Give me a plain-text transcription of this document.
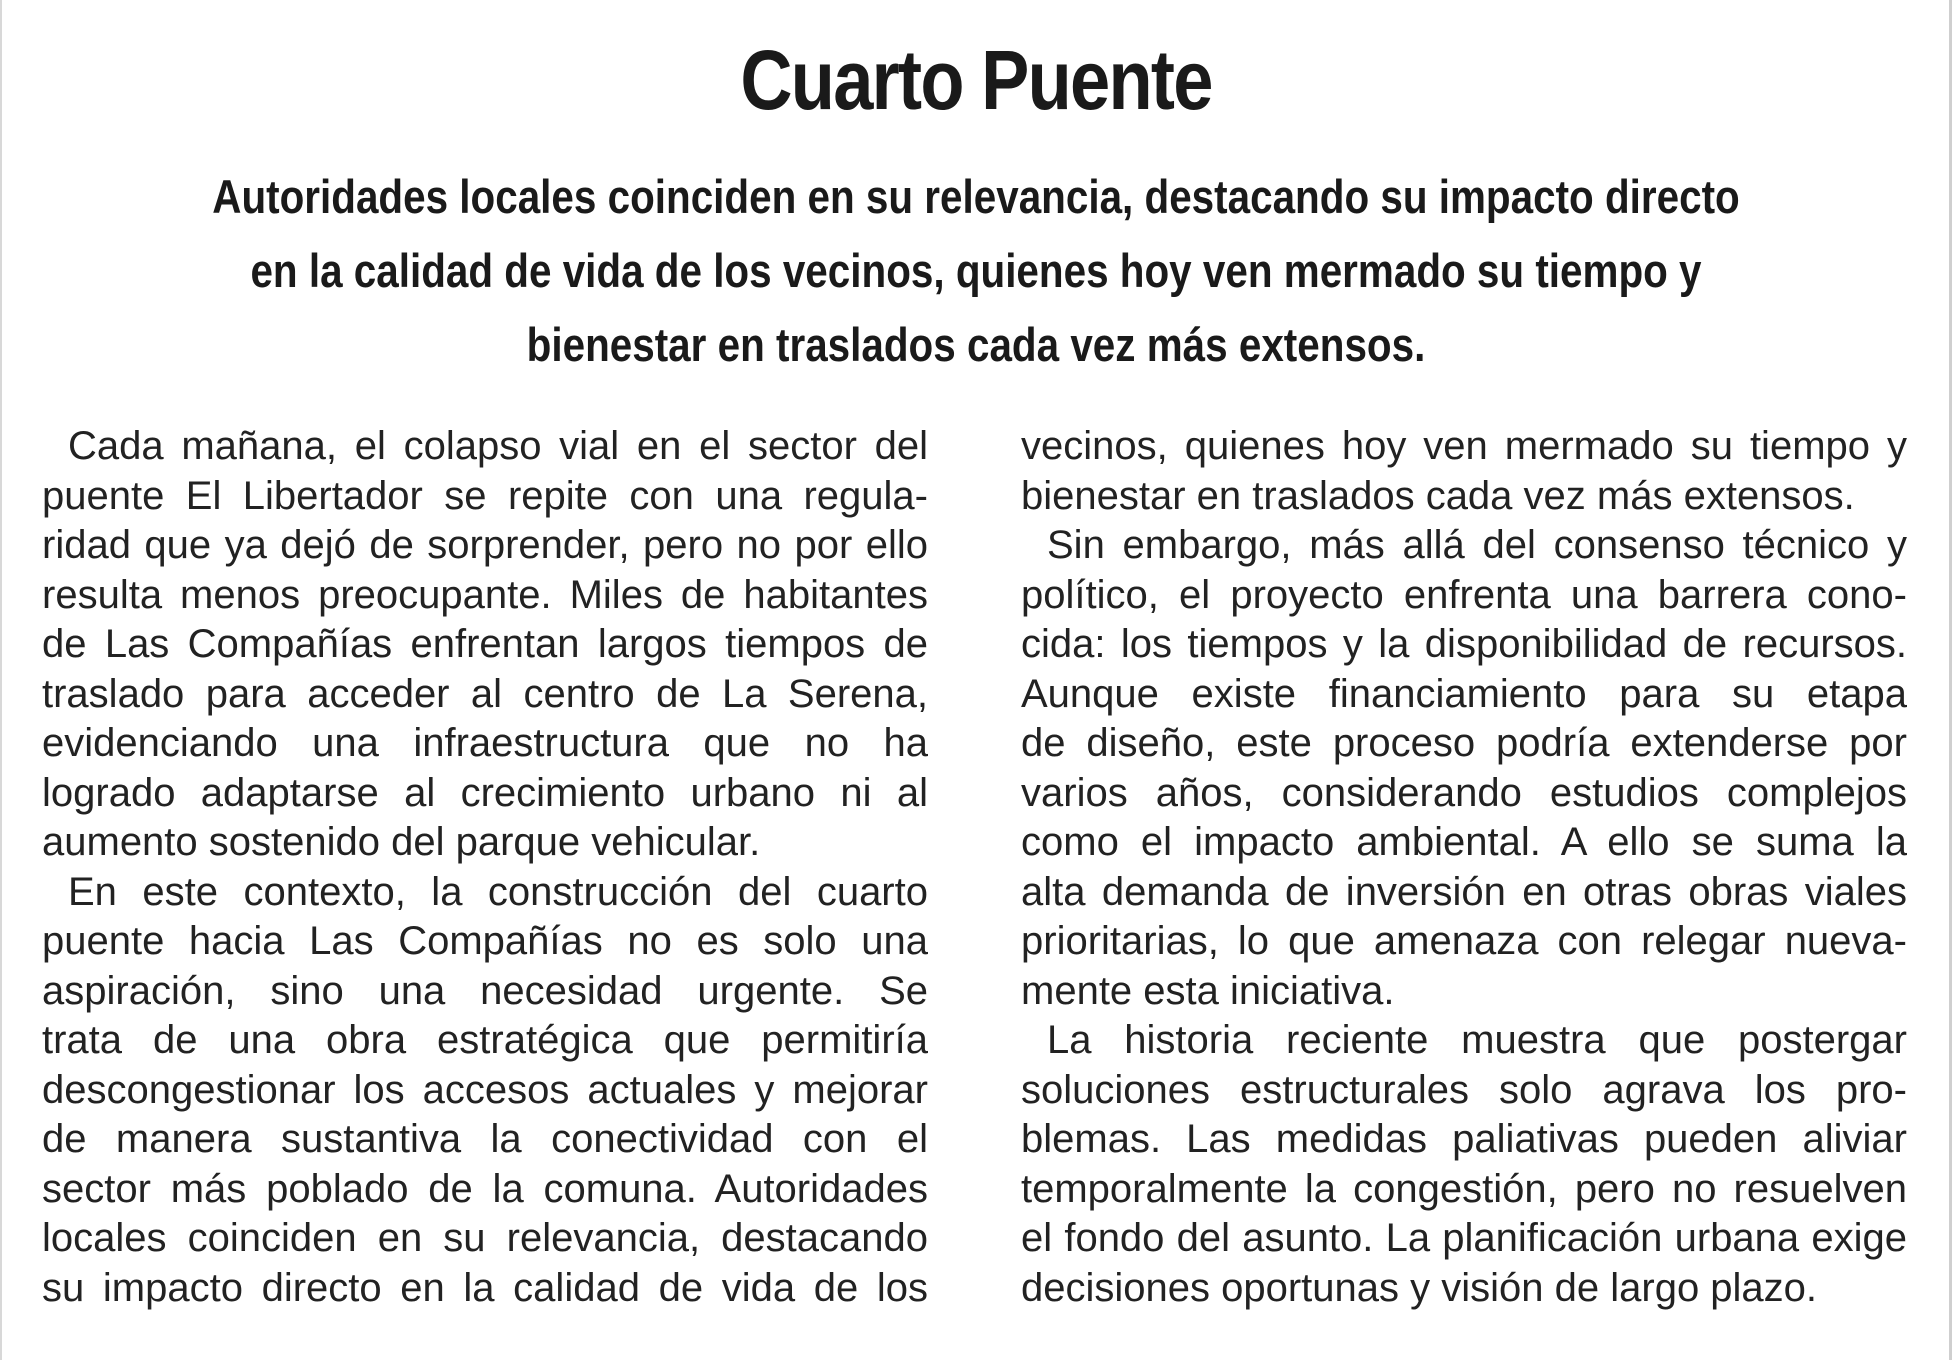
Cuarto Puente
Autoridades locales coinciden en su relevancia, destacando su impacto directo
en la calidad de vida de los vecinos, quienes hoy ven mermado su tiempo y
bienestar en traslados cada vez más extensos.
Cada mañana, el colapso vial en el sector del
puente El Libertador se repite con una regula-
ridad que ya dejó de sorprender, pero no por ello
resulta menos preocupante. Miles de habitantes
de Las Compañías enfrentan largos tiempos de
traslado para acceder al centro de La Serena,
evidenciando una infraestructura que no ha
logrado adaptarse al crecimiento urbano ni al
aumento sostenido del parque vehicular.
En este contexto, la construcción del cuarto
puente hacia Las Compañías no es solo una
aspiración, sino una necesidad urgente. Se
trata de una obra estratégica que permitiría
descongestionar los accesos actuales y mejorar
de manera sustantiva la conectividad con el
sector más poblado de la comuna. Autoridades
locales coinciden en su relevancia, destacando
su impacto directo en la calidad de vida de los
vecinos, quienes hoy ven mermado su tiempo y
bienestar en traslados cada vez más extensos.
Sin embargo, más allá del consenso técnico y
político, el proyecto enfrenta una barrera cono-
cida: los tiempos y la disponibilidad de recursos.
Aunque existe financiamiento para su etapa
de diseño, este proceso podría extenderse por
varios años, considerando estudios complejos
como el impacto ambiental. A ello se suma la
alta demanda de inversión en otras obras viales
prioritarias, lo que amenaza con relegar nueva-
mente esta iniciativa.
La historia reciente muestra que postergar
soluciones estructurales solo agrava los pro-
blemas. Las medidas paliativas pueden aliviar
temporalmente la congestión, pero no resuelven
el fondo del asunto. La planificación urbana exige
decisiones oportunas y visión de largo plazo.
